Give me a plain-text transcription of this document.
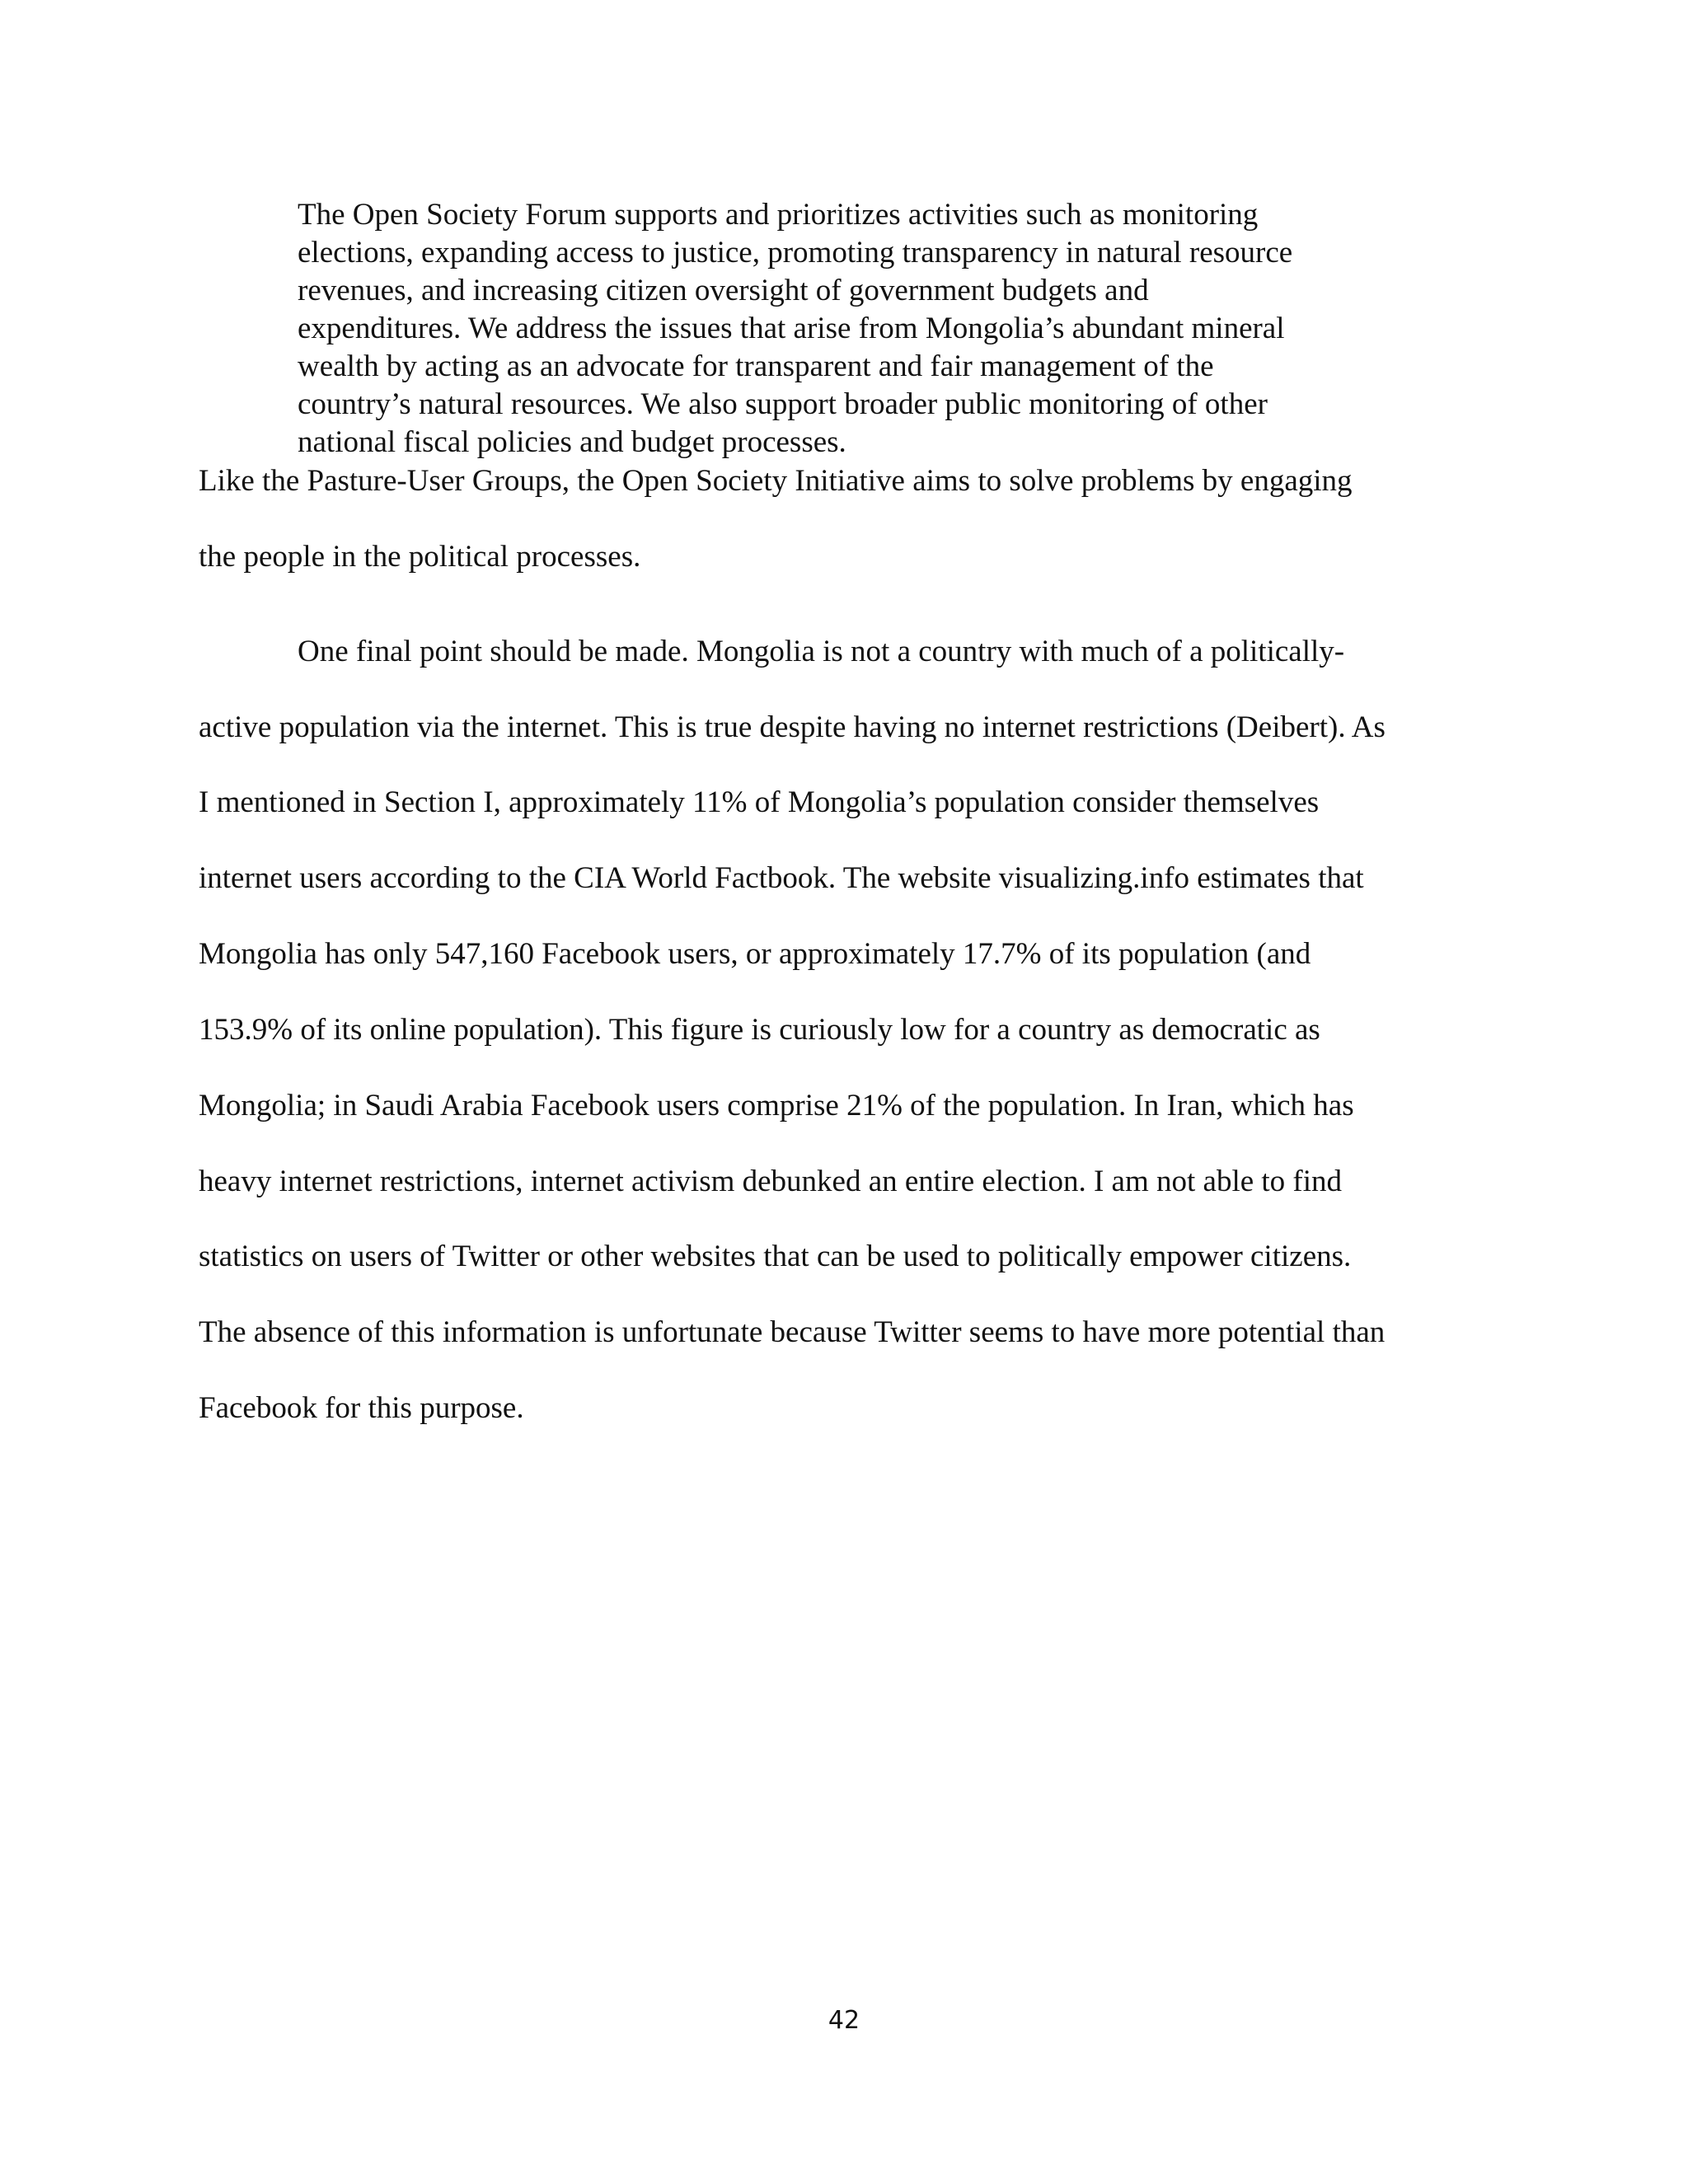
The Open Society Forum supports and prioritizes activities such as monitoring

elections, expanding access to justice, promoting transparency in natural resource

revenues, and increasing citizen oversight of government budgets and

expenditures. We address the issues that arise from Mongolia’s abundant mineral

wealth by acting as an advocate for transparent and fair management of the

country’s natural resources. We also support broader public monitoring of other

national fiscal policies and budget processes.

Like the Pasture-User Groups, the Open Society Initiative aims to solve problems by engaging

the people in the political processes.

One final point should be made. Mongolia is not a country with much of a politically-

active population via the internet. This is true despite having no internet restrictions (Deibert). As

I mentioned in Section I, approximately 11% of Mongolia’s population consider themselves

internet users according to the CIA World Factbook. The website visualizing.info estimates that

Mongolia has only 547,160 Facebook users, or approximately 17.7% of its population (and

153.9% of its online population). This figure is curiously low for a country as democratic as

Mongolia; in Saudi Arabia Facebook users comprise 21% of the population. In Iran, which has

heavy internet restrictions, internet activism debunked an entire election. I am not able to find

statistics on users of Twitter or other websites that can be used to politically empower citizens.

The absence of this information is unfortunate because Twitter seems to have more potential than

Facebook for this purpose.

42
